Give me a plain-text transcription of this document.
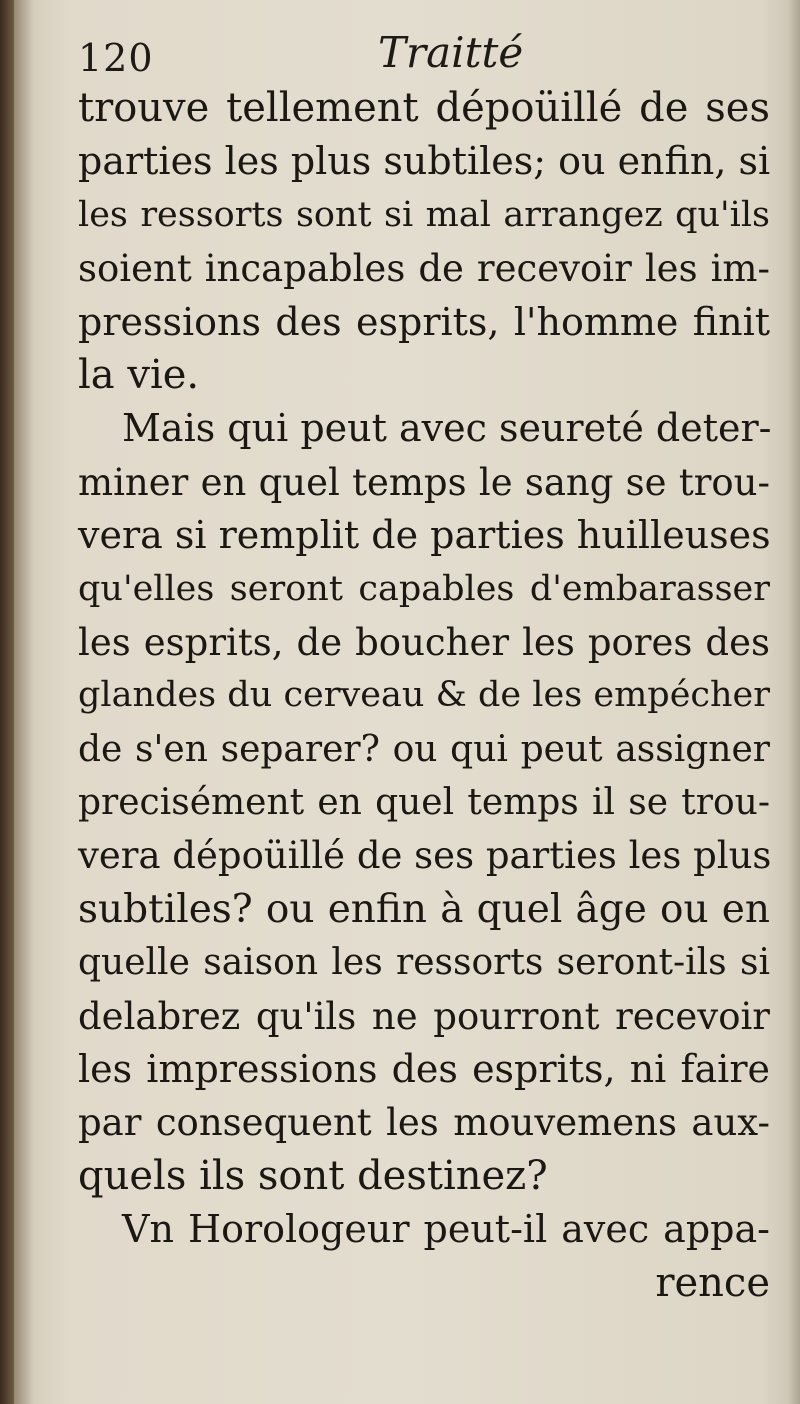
120	Traitté
trouve tellement dépoüillé de ses
parties les plus subtiles; ou enfin, si
les ressorts sont si mal arrangez qu'ils
soient incapables de recevoir les im-
pressions des esprits, l'homme finit
la vie.
Mais qui peut avec seureté deter-
miner en quel temps le sang se trou-
vera si remplit de parties huilleuses
qu'elles seront capables d'embarasser
les esprits, de boucher les pores des
glandes du cerveau & de les empécher
de s'en separer? ou qui peut assigner
precisément en quel temps il se trou-
vera dépoüillé de ses parties les plus
subtiles? ou enfin à quel âge ou en
quelle saison les ressorts seront-ils si
delabrez qu'ils ne pourront recevoir
les impressions des esprits, ni faire
par consequent les mouvemens aux-
quels ils sont destinez?
Vn Horologeur peut-il avec appa-
rence
